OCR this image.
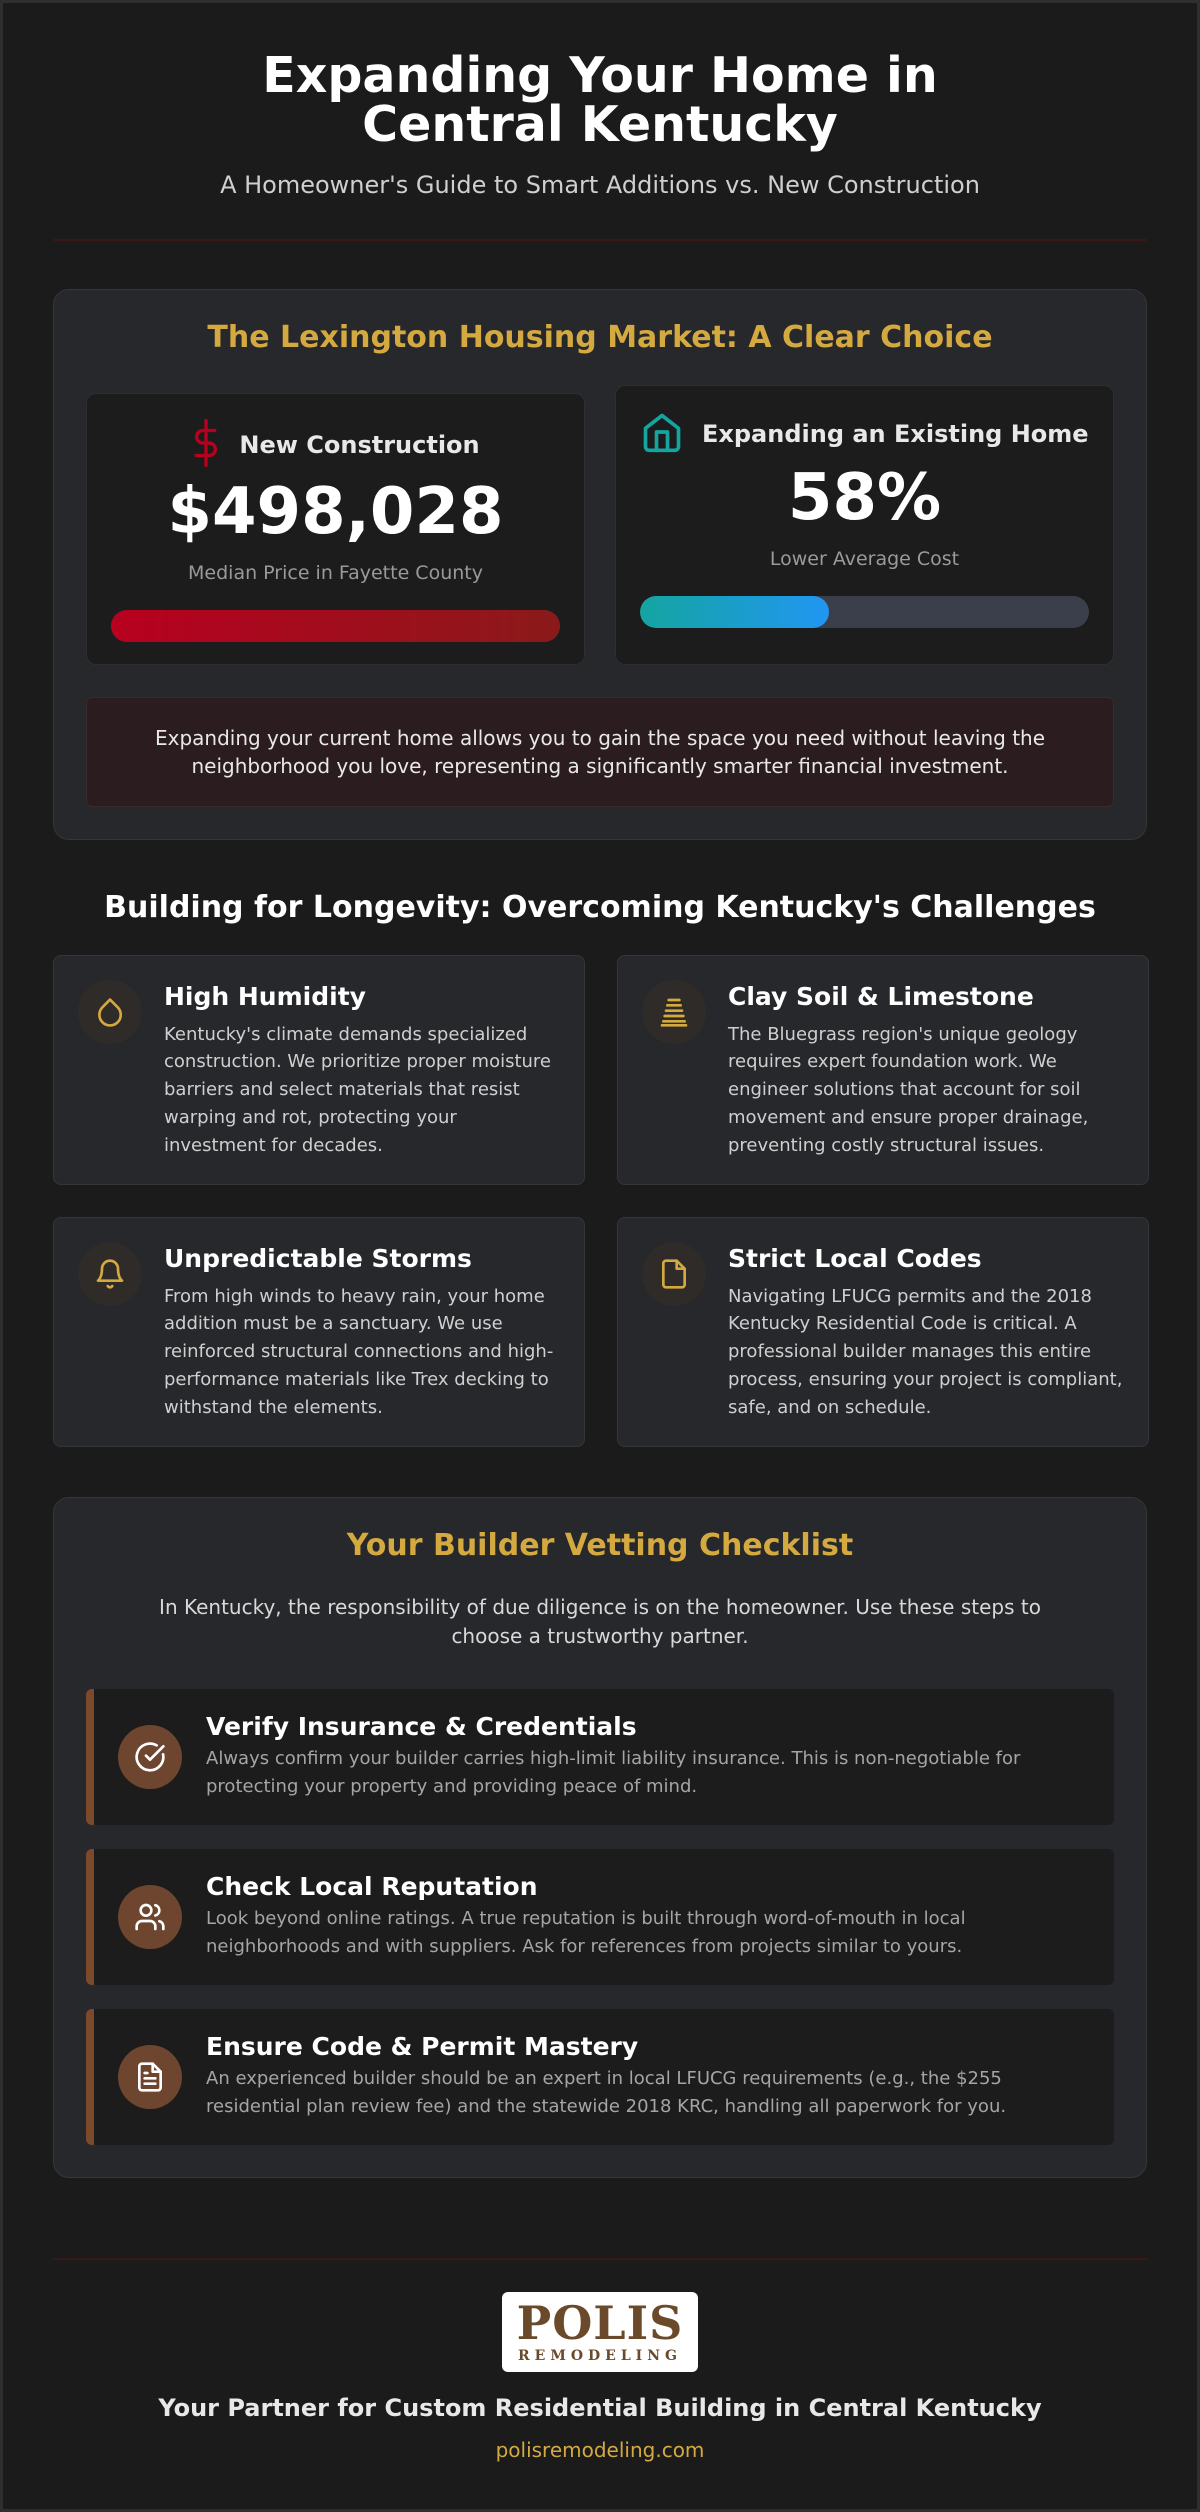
Expanding Your Home in Central Kentucky
A Homeowner's Guide to Smart Additions vs. New Construction
The Lexington Housing Market: A Clear Choice
New Construction
$498,028
Median Price in Fayette County
Expanding an Existing Home
58%
Lower Average Cost
Expanding your current home allows you to gain the space you need without leaving the neighborhood you love, representing a significantly smarter financial investment.
Building for Longevity: Overcoming Kentucky's Challenges
High Humidity
Kentucky's climate demands specialized construction. We prioritize proper moisture barriers and select materials that resist warping and rot, protecting your investment for decades.
Clay Soil & Limestone
The Bluegrass region's unique geology requires expert foundation work. We engineer solutions that account for soil movement and ensure proper drainage, preventing costly structural issues.
Unpredictable Storms
From high winds to heavy rain, your home addition must be a sanctuary. We use reinforced structural connections and high-performance materials like Trex decking to withstand the elements.
Strict Local Codes
Navigating LFUCG permits and the 2018 Kentucky Residential Code is critical. A professional builder manages this entire process, ensuring your project is compliant, safe, and on schedule.
Your Builder Vetting Checklist
In Kentucky, the responsibility of due diligence is on the homeowner. Use these steps to choose a trustworthy partner.
Verify Insurance & Credentials
Always confirm your builder carries high-limit liability insurance. This is non-negotiable for protecting your property and providing peace of mind.
Check Local Reputation
Look beyond online ratings. A true reputation is built through word-of-mouth in local neighborhoods and with suppliers. Ask for references from projects similar to yours.
Ensure Code & Permit Mastery
An experienced builder should be an expert in local LFUCG requirements (e.g., the $255 residential plan review fee) and the statewide 2018 KRC, handling all paperwork for you.
POLIS
REMODELING
Your Partner for Custom Residential Building in Central Kentucky
polisremodeling.com
